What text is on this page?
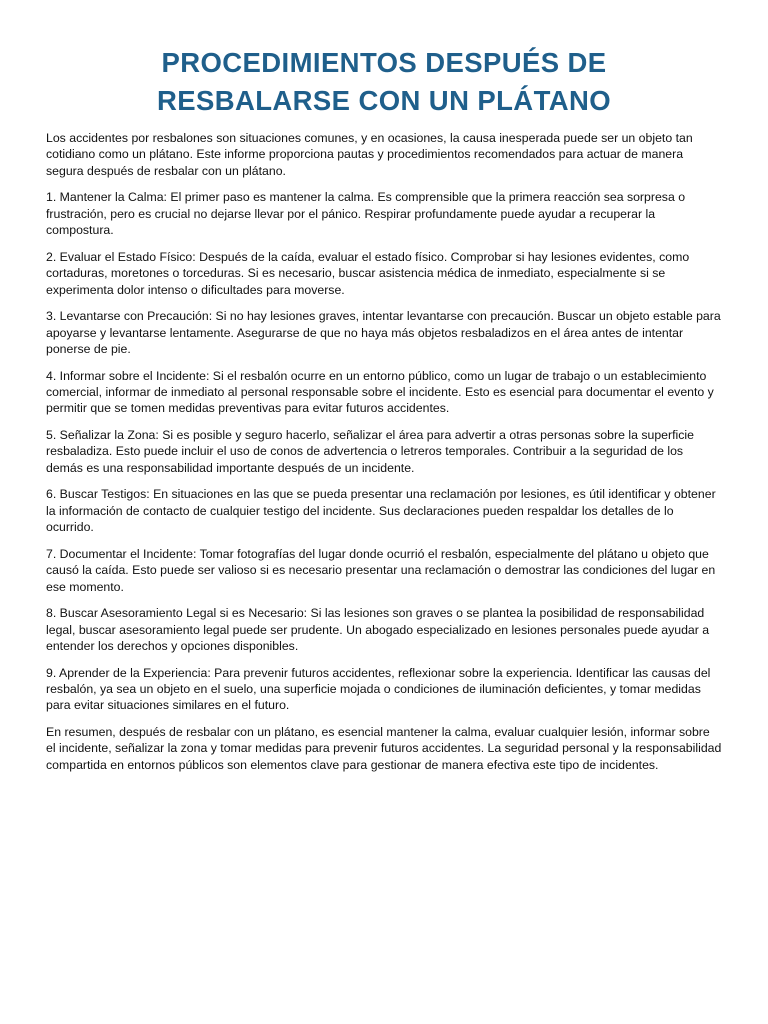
PROCEDIMIENTOS DESPUÉS DE
RESBALARSE CON UN PLÁTANO

Los accidentes por resbalones son situaciones comunes, y en ocasiones, la causa inesperada puede ser un objeto tan cotidiano como un plátano. Este informe proporciona pautas y procedimientos recomendados para actuar de manera segura después de resbalar con un plátano.

1. Mantener la Calma: El primer paso es mantener la calma. Es comprensible que la primera reacción sea sorpresa o frustración, pero es crucial no dejarse llevar por el pánico. Respirar profundamente puede ayudar a recuperar la compostura.

2. Evaluar el Estado Físico: Después de la caída, evaluar el estado físico. Comprobar si hay lesiones evidentes, como cortaduras, moretones o torceduras. Si es necesario, buscar asistencia médica de inmediato, especialmente si se experimenta dolor intenso o dificultades para moverse.

3. Levantarse con Precaución: Si no hay lesiones graves, intentar levantarse con precaución. Buscar un objeto estable para apoyarse y levantarse lentamente. Asegurarse de que no haya más objetos resbaladizos en el área antes de intentar ponerse de pie.

4. Informar sobre el Incidente: Si el resbalón ocurre en un entorno público, como un lugar de trabajo o un establecimiento comercial, informar de inmediato al personal responsable sobre el incidente. Esto es esencial para documentar el evento y permitir que se tomen medidas preventivas para evitar futuros accidentes.

5. Señalizar la Zona: Si es posible y seguro hacerlo, señalizar el área para advertir a otras personas sobre la superficie resbaladiza. Esto puede incluir el uso de conos de advertencia o letreros temporales. Contribuir a la seguridad de los demás es una responsabilidad importante después de un incidente.

6. Buscar Testigos: En situaciones en las que se pueda presentar una reclamación por lesiones, es útil identificar y obtener la información de contacto de cualquier testigo del incidente. Sus declaraciones pueden respaldar los detalles de lo ocurrido.

7. Documentar el Incidente: Tomar fotografías del lugar donde ocurrió el resbalón, especialmente del plátano u objeto que causó la caída. Esto puede ser valioso si es necesario presentar una reclamación o demostrar las condiciones del lugar en ese momento.

8. Buscar Asesoramiento Legal si es Necesario: Si las lesiones son graves o se plantea la posibilidad de responsabilidad legal, buscar asesoramiento legal puede ser prudente. Un abogado especializado en lesiones personales puede ayudar a entender los derechos y opciones disponibles.

9. Aprender de la Experiencia: Para prevenir futuros accidentes, reflexionar sobre la experiencia. Identificar las causas del resbalón, ya sea un objeto en el suelo, una superficie mojada o condiciones de iluminación deficientes, y tomar medidas para evitar situaciones similares en el futuro.

En resumen, después de resbalar con un plátano, es esencial mantener la calma, evaluar cualquier lesión, informar sobre el incidente, señalizar la zona y tomar medidas para prevenir futuros accidentes. La seguridad personal y la responsabilidad compartida en entornos públicos son elementos clave para gestionar de manera efectiva este tipo de incidentes.
